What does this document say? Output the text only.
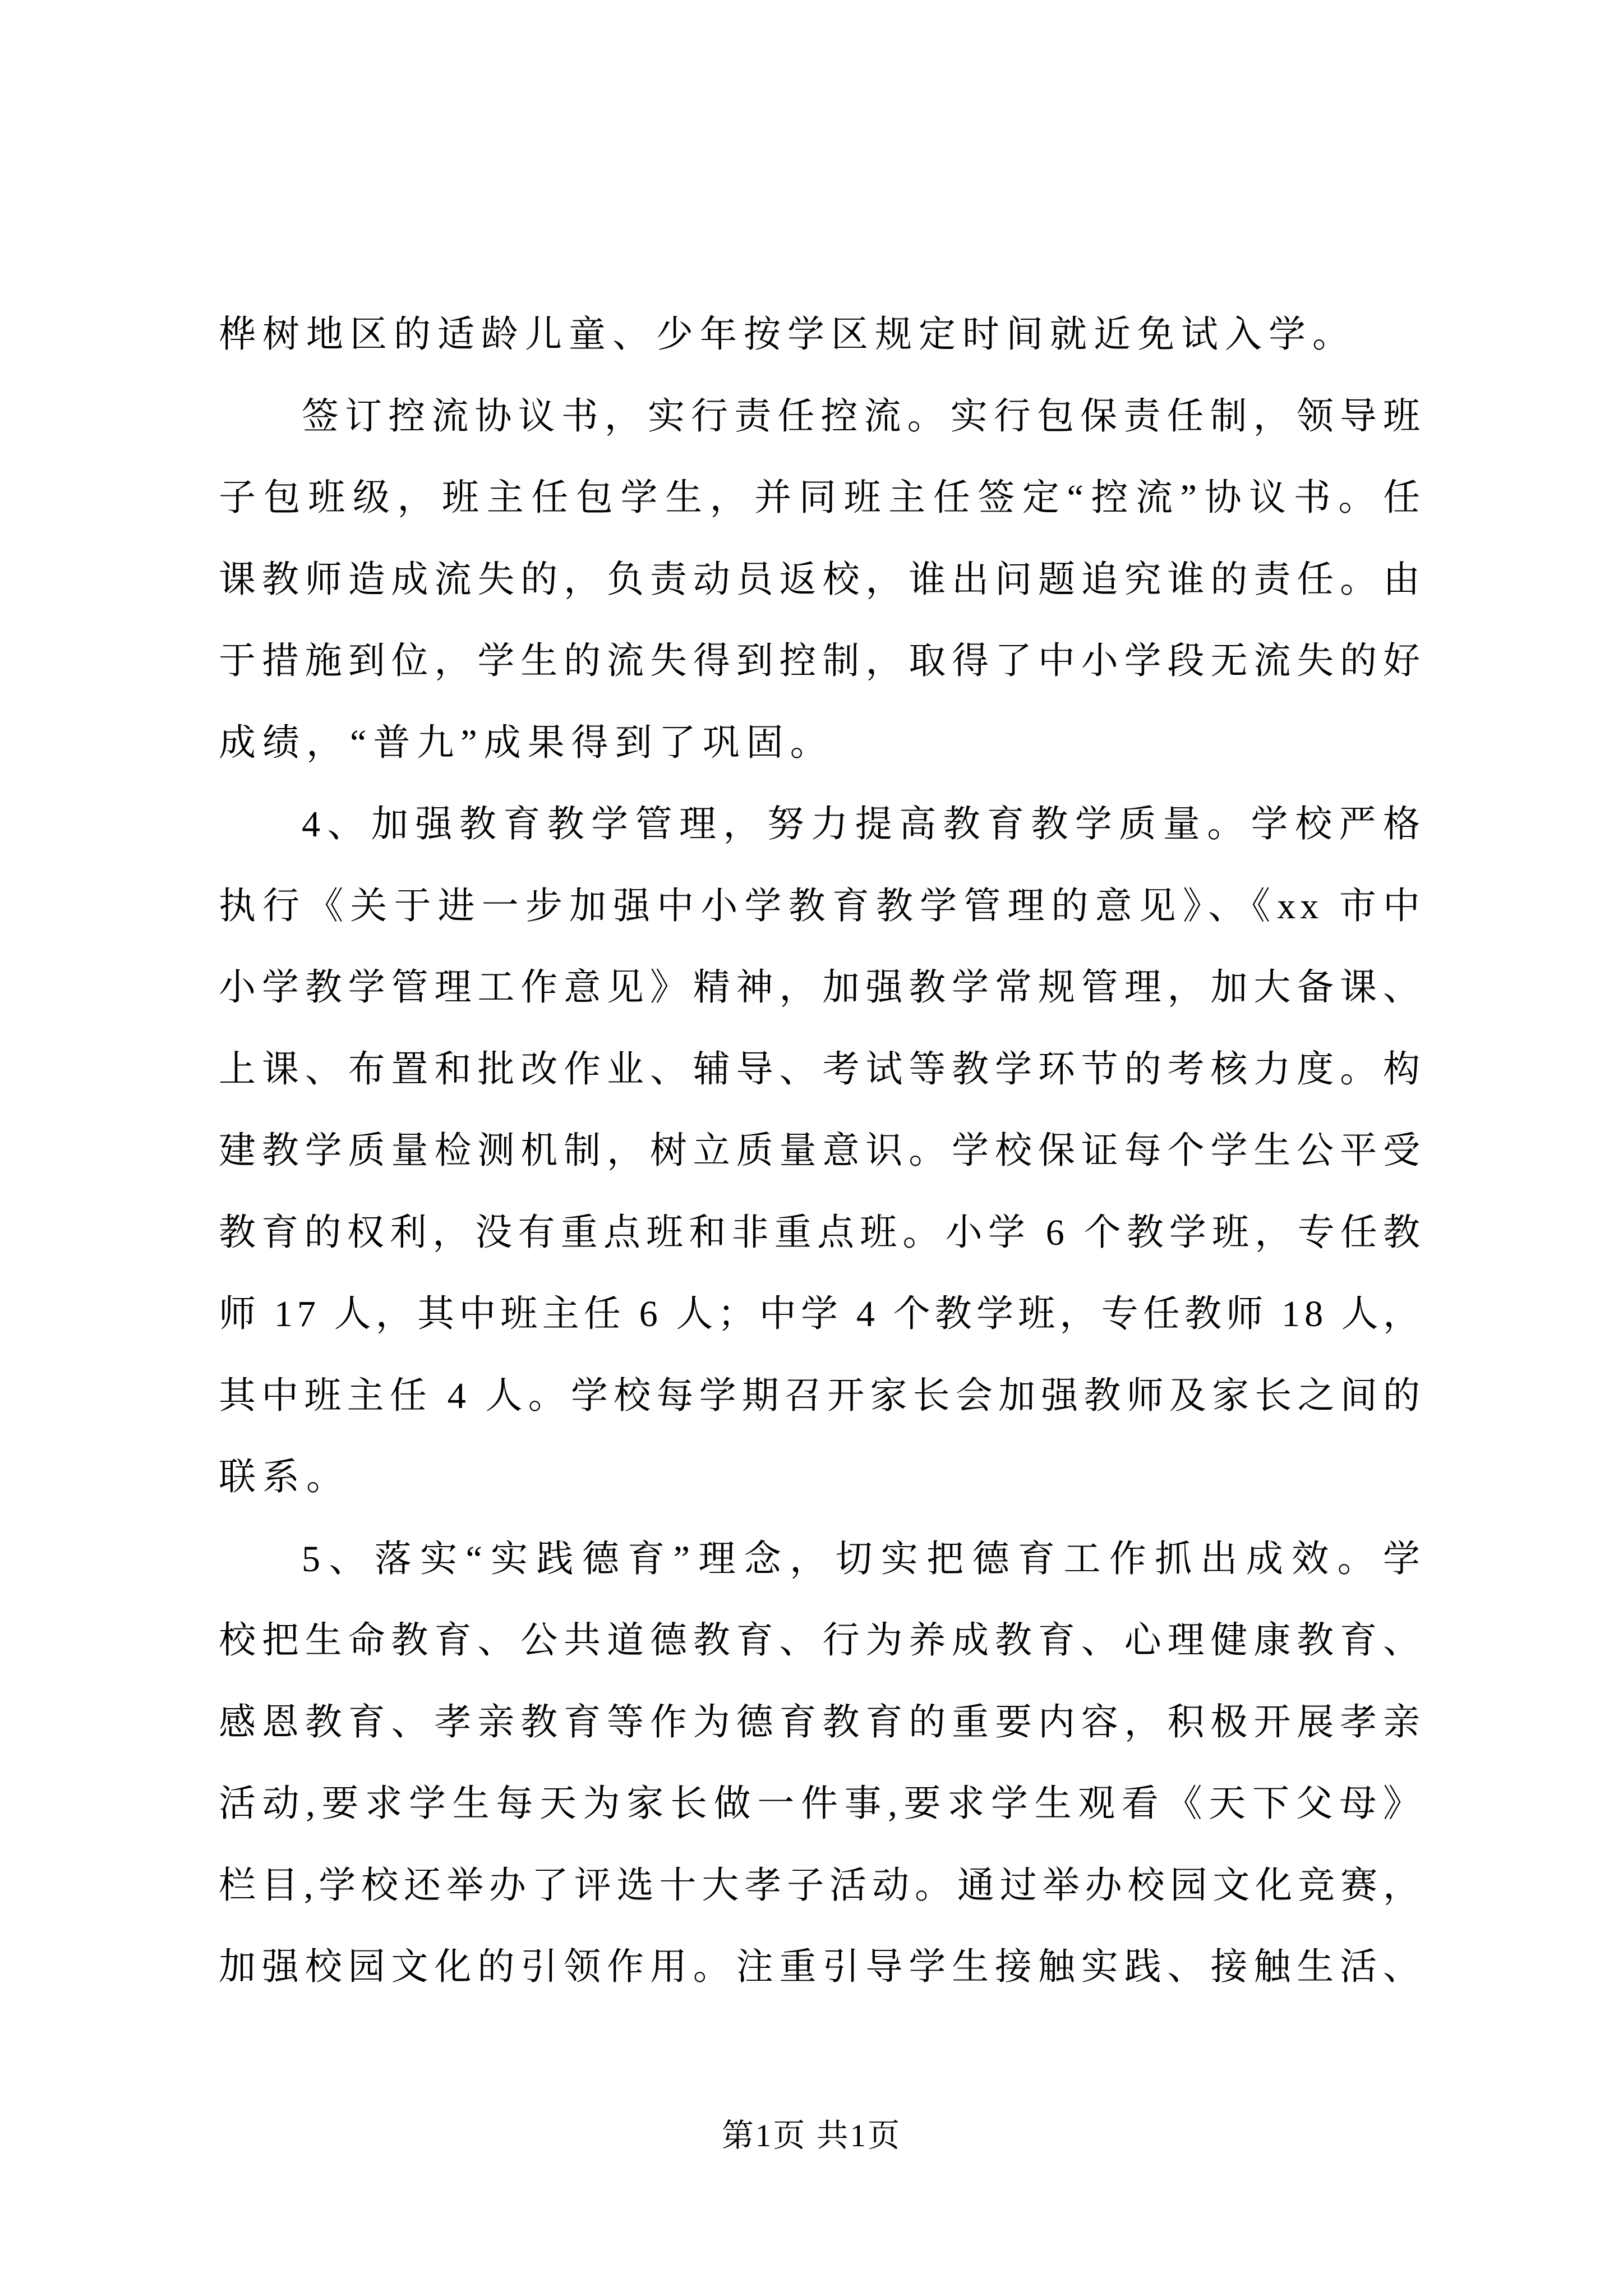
桦树地区的适龄儿童、少年按学区规定时间就近免试入学。
签订控流协议书，实行责任控流。实行包保责任制，领导班
子包班级，班主任包学生，并同班主任签定“控流”协议书。任
课教师造成流失的，负责动员返校，谁出问题追究谁的责任。由
于措施到位，学生的流失得到控制，取得了中小学段无流失的好
成绩，“普九”成果得到了巩固。
4、加强教育教学管理，努力提高教育教学质量。学校严格
执行《关于进一步加强中小学教育教学管理的意见》、《xx 市中
小学教学管理工作意见》精神，加强教学常规管理，加大备课、
上课、布置和批改作业、辅导、考试等教学环节的考核力度。构
建教学质量检测机制，树立质量意识。学校保证每个学生公平受
教育的权利，没有重点班和非重点班。小学 6 个教学班，专任教
师 17 人，其中班主任 6 人；中学 4 个教学班，专任教师 18 人，
其中班主任 4 人。学校每学期召开家长会加强教师及家长之间的
联系。
5、落实“实践德育”理念，切实把德育工作抓出成效。学
校把生命教育、公共道德教育、行为养成教育、心理健康教育、
感恩教育、孝亲教育等作为德育教育的重要内容，积极开展孝亲
活动,要求学生每天为家长做一件事,要求学生观看《天下父母》
栏目,学校还举办了评选十大孝子活动。通过举办校园文化竞赛，
加强校园文化的引领作用。注重引导学生接触实践、接触生活、
第1页 共1页
